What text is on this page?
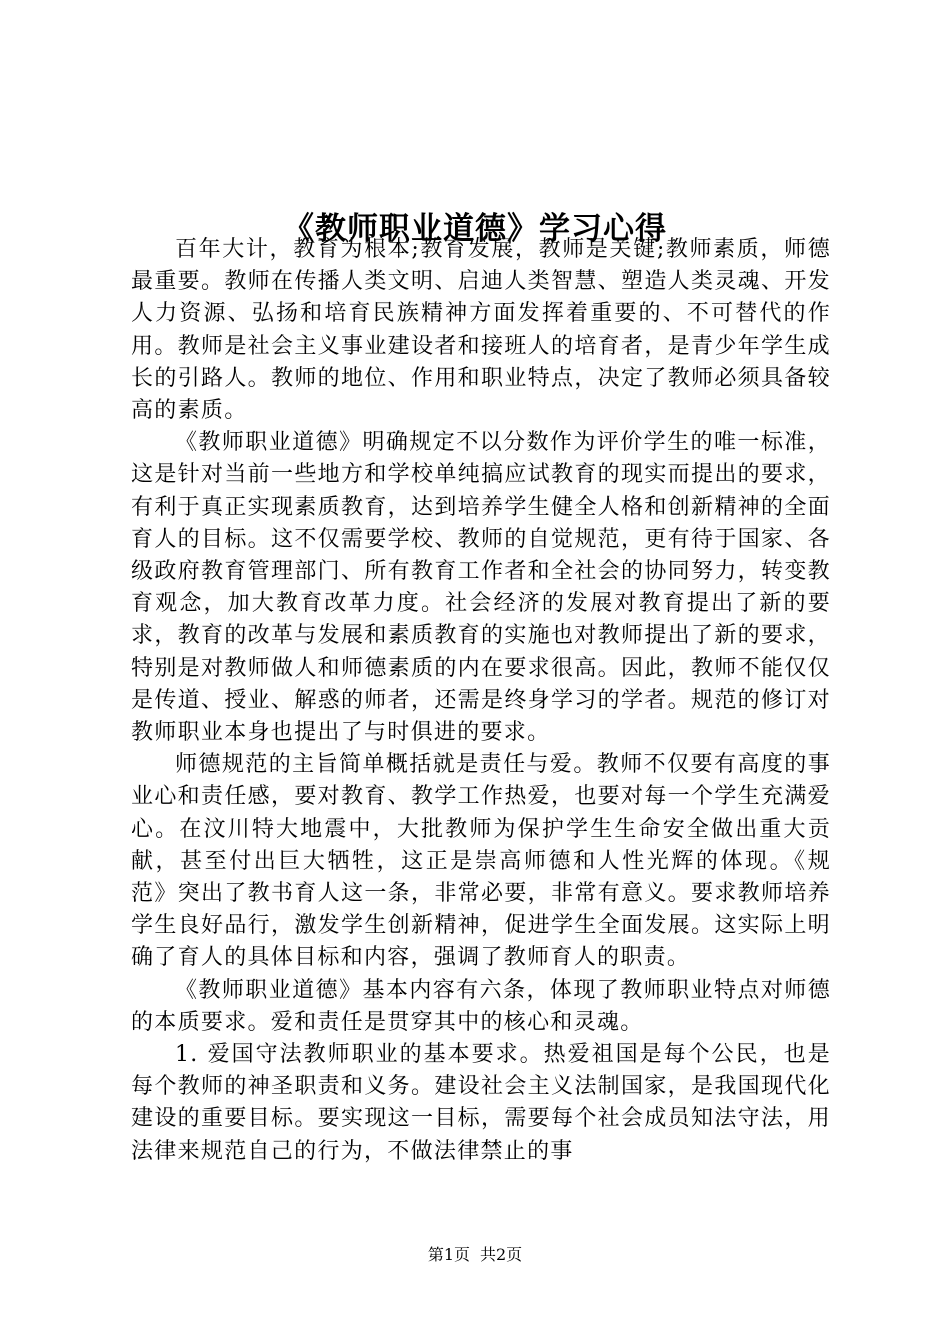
《教师职业道德》学习心得

百年大计，教育为根本;教育发展，教师是关键;教师素质，师德最重要。教师在传播人类文明、启迪人类智慧、塑造人类灵魂、开发人力资源、弘扬和培育民族精神方面发挥着重要的、不可替代的作用。教师是社会主义事业建设者和接班人的培育者，是青少年学生成长的引路人。教师的地位、作用和职业特点，决定了教师必须具备较高的素质。

《教师职业道德》明确规定不以分数作为评价学生的唯一标准，这是针对当前一些地方和学校单纯搞应试教育的现实而提出的要求，有利于真正实现素质教育，达到培养学生健全人格和创新精神的全面育人的目标。这不仅需要学校、教师的自觉规范，更有待于国家、各级政府教育管理部门、所有教育工作者和全社会的协同努力，转变教育观念，加大教育改革力度。社会经济的发展对教育提出了新的要求，教育的改革与发展和素质教育的实施也对教师提出了新的要求，特别是对教师做人和师德素质的内在要求很高。因此，教师不能仅仅是传道、授业、解惑的师者，还需是终身学习的学者。规范的修订对教师职业本身也提出了与时俱进的要求。

师德规范的主旨简单概括就是责任与爱。教师不仅要有高度的事业心和责任感，要对教育、教学工作热爱，也要对每一个学生充满爱心。在汶川特大地震中，大批教师为保护学生生命安全做出重大贡献，甚至付出巨大牺牲，这正是崇高师德和人性光辉的体现。《规范》突出了教书育人这一条，非常必要，非常有意义。要求教师培养学生良好品行，激发学生创新精神，促进学生全面发展。这实际上明确了育人的具体目标和内容，强调了教师育人的职责。

《教师职业道德》基本内容有六条，体现了教师职业特点对师德的本质要求。爱和责任是贯穿其中的核心和灵魂。

1. 爱国守法教师职业的基本要求。热爱祖国是每个公民，也是每个教师的神圣职责和义务。建设社会主义法制国家，是我国现代化建设的重要目标。要实现这一目标，需要每个社会成员知法守法，用法律来规范自己的行为，不做法律禁止的事

第1页 共2页
